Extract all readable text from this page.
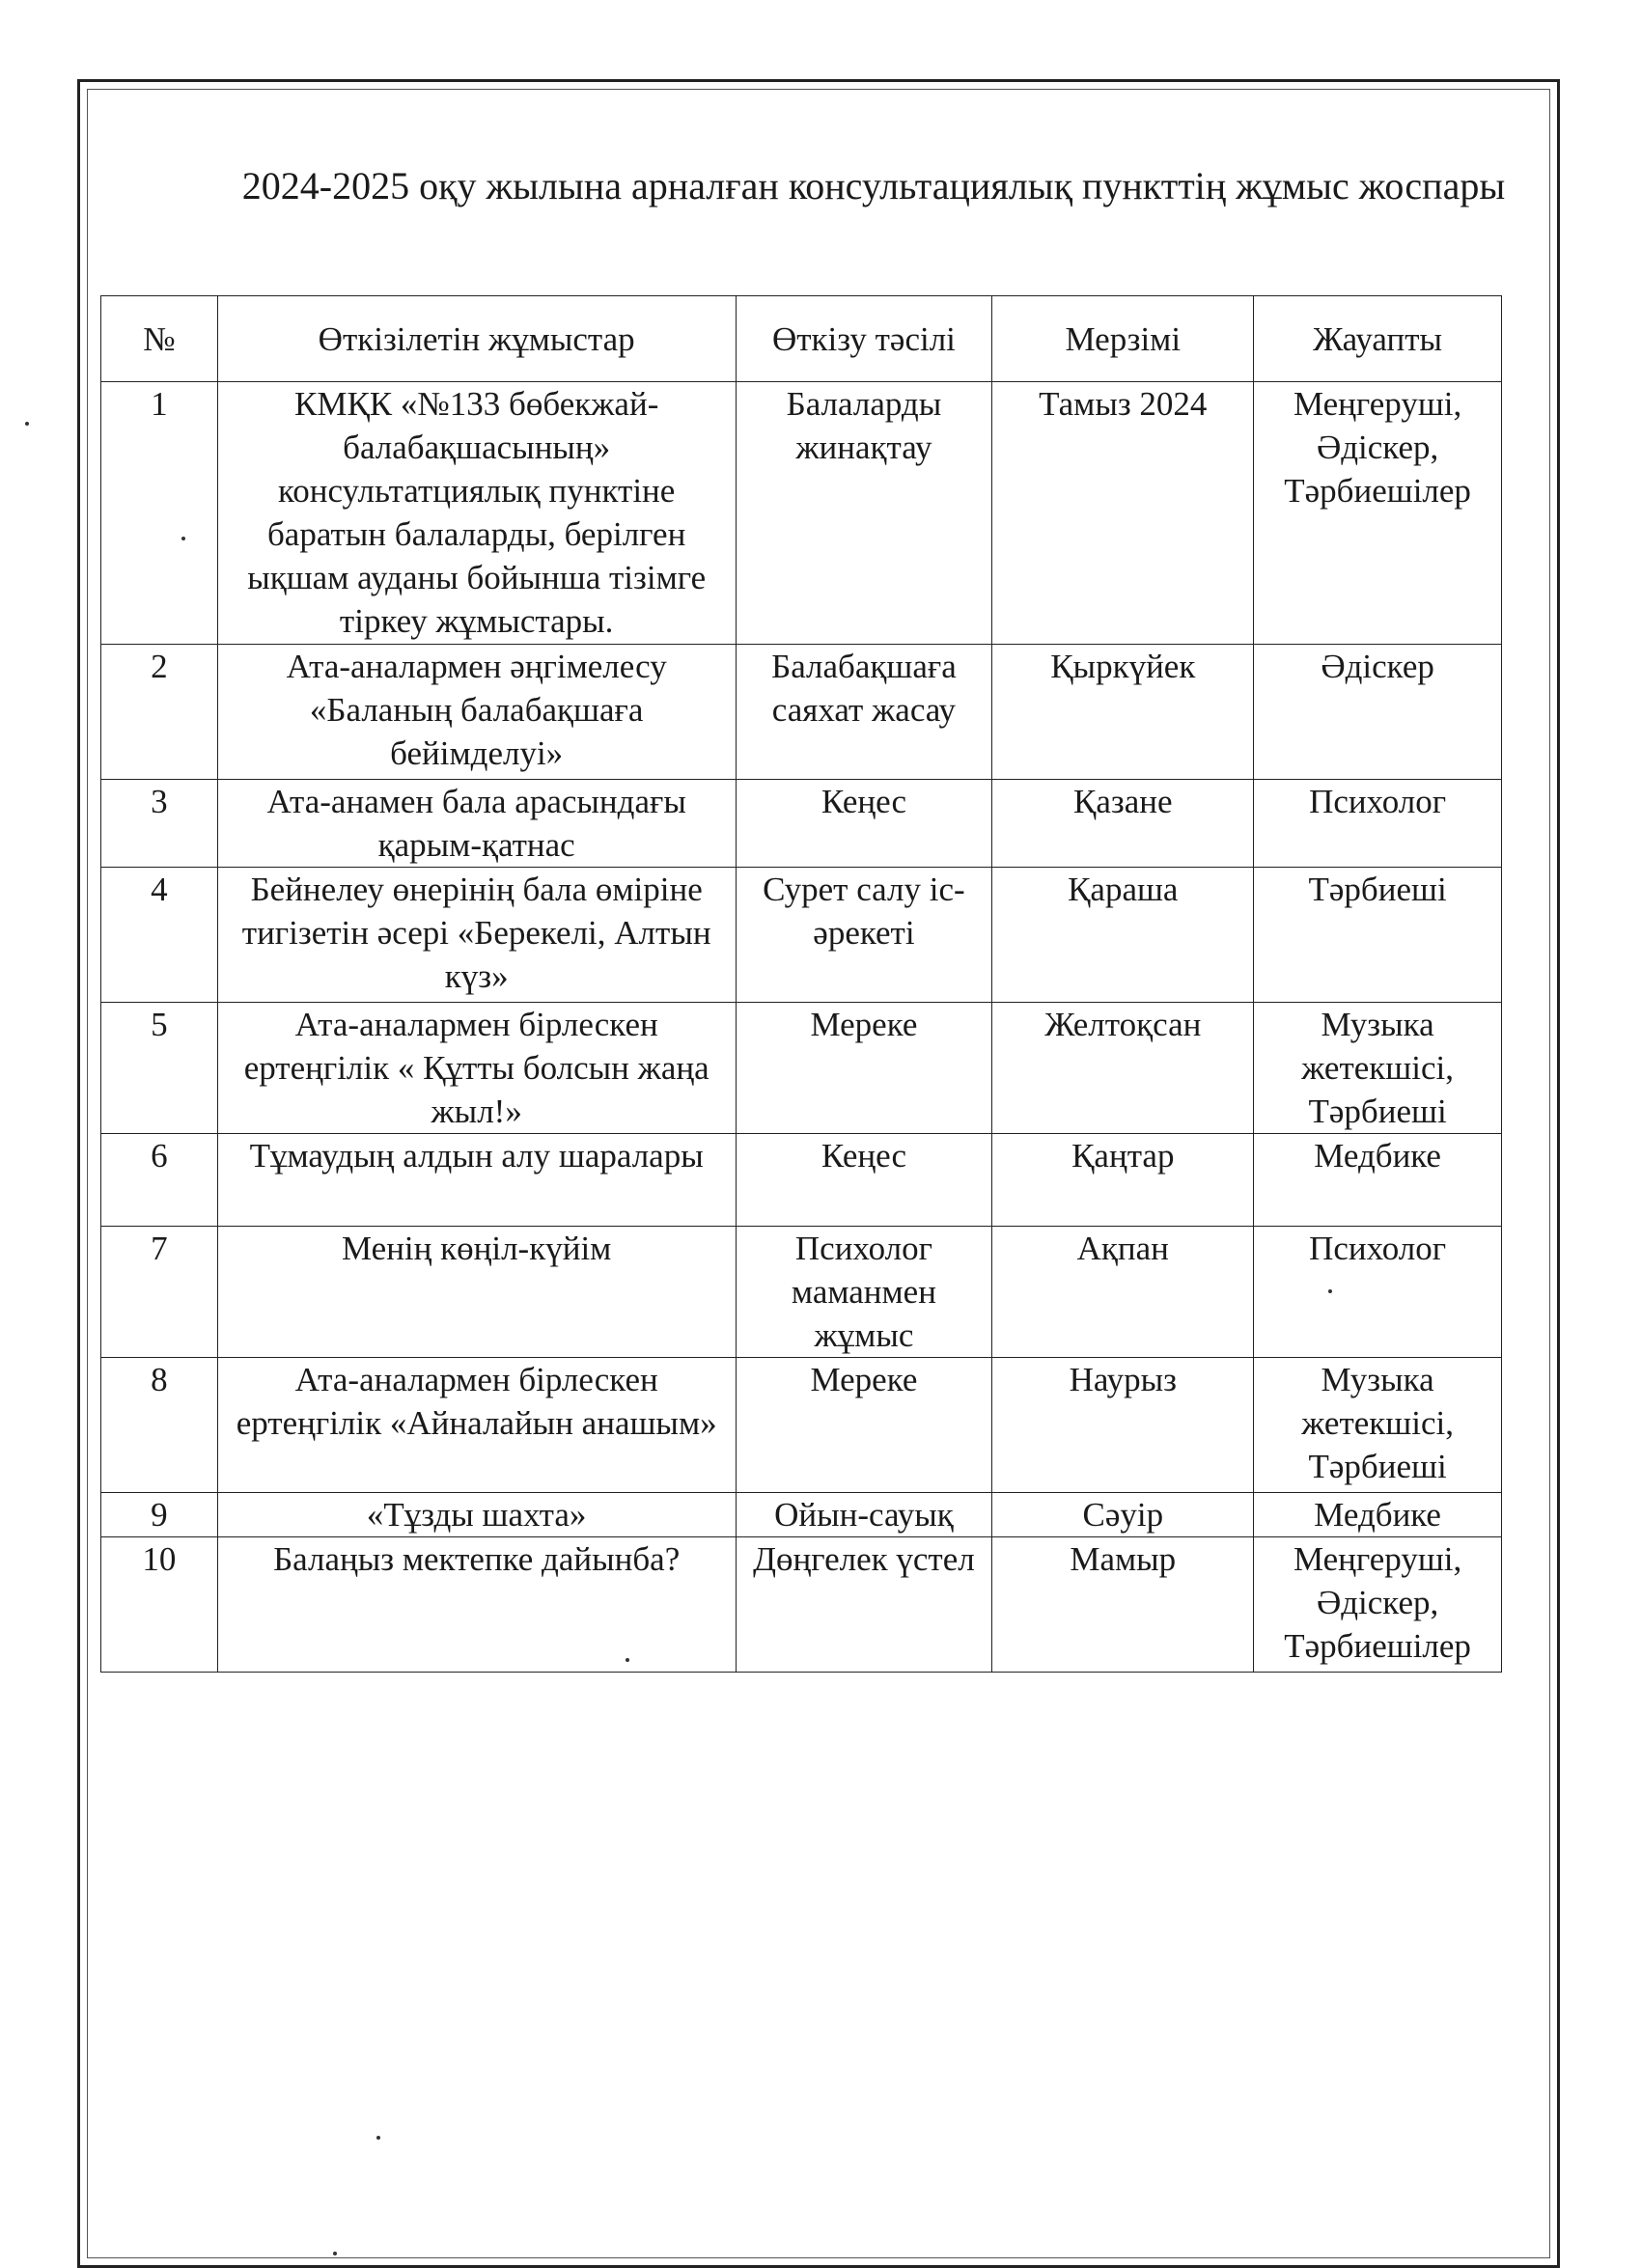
2024-2025 оқу жылына арналған консультациялық пункттің жұмыс жоспары
№	Өткізілетін жұмыстар	Өткізу тәсілі	Мерзімі	Жауапты
1	КМҚК «№133 бөбекжай-балабақшасының» консультатциялық пунктіне баратын балаларды, берілген ықшам ауданы бойынша тізімге тіркеу жұмыстары.	Балаларды жинақтау	Тамыз 2024	Меңгеруші, Әдіскер, Тәрбиешілер
2	Ата-аналармен әңгімелесу «Баланың балабақшаға бейімделуі»	Балабақшаға саяхат жасау	Қыркүйек	Әдіскер
3	Ата-анамен бала арасындағы қарым-қатнас	Кеңес	Қазане	Психолог
4	Бейнелеу өнерінің бала өміріне тигізетін әсері «Берекелі, Алтын күз»	Сурет салу іс-әрекеті	Қараша	Тәрбиеші
5	Ата-аналармен бірлескен ертеңгілік « Құтты болсын жаңа жыл!»	Мереке	Желтоқсан	Музыка жетекшісі, Тәрбиеші
6	Тұмаудың алдын алу шаралары	Кеңес	Қаңтар	Медбике
7	Менің көңіл-күйім	Психолог маманмен жұмыс	Ақпан	Психолог
8	Ата-аналармен бірлескен ертеңгілік «Айналайын анашым»	Мереке	Наурыз	Музыка жетекшісі, Тәрбиеші
9	«Тұзды шахта»	Ойын-сауық	Сәуір	Медбике
10	Балаңыз мектепке дайынба?	Дөңгелек үстел	Мамыр	Меңгеруші, Әдіскер, Тәрбиешілер
